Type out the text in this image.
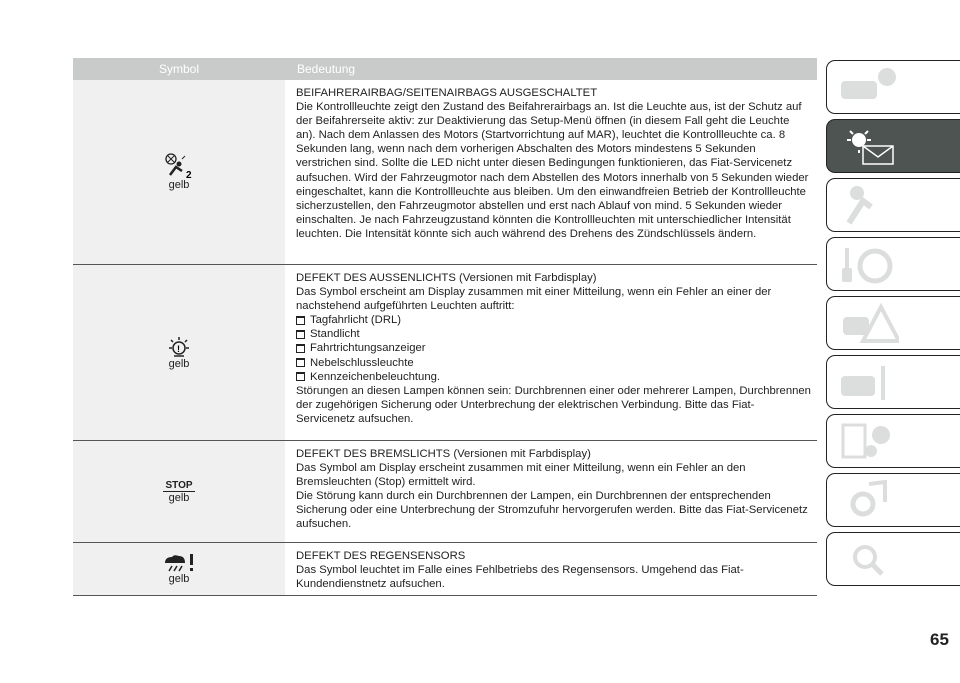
Symbol	Bedeutung
2
gelb
BEIFAHRERAIRBAG/SEITENAIRBAGS AUSGESCHALTET
Die Kontrollleuchte zeigt den Zustand des Beifahrerairbags an. Ist die Leuchte aus, ist der Schutz auf der Beifahrerseite aktiv: zur Deaktivierung das Setup-Menü öffnen (in diesem Fall geht die Leuchte an). Nach dem Anlassen des Motors (Startvorrichtung auf MAR), leuchtet die Kontrollleuchte ca. 8 Sekunden lang, wenn nach dem vorherigen Abschalten des Motors mindestens 5 Sekunden verstrichen sind. Sollte die LED nicht unter diesen Bedingungen funktionieren, das Fiat-Servicenetz aufsuchen. Wird der Fahrzeugmotor nach dem Abstellen des Motors innerhalb von 5 Sekunden wieder eingeschaltet, kann die Kontrollleuchte aus bleiben. Um den einwandfreien Betrieb der Kontrollleuchte sicherzustellen, den Fahrzeugmotor abstellen und erst nach Ablauf von mind. 5 Sekunden wieder einschalten. Je nach Fahrzeugzustand könnten die Kontrollleuchten mit unterschiedlicher Intensität leuchten. Die Intensität könnte sich auch während des Drehens des Zündschlüssels ändern.
!
gelb
DEFEKT DES AUSSENLICHTS (Versionen mit Farbdisplay)
Das Symbol erscheint am Display zusammen mit einer Mitteilung, wenn ein Fehler an einer der nachstehend aufgeführten Leuchten auftritt:
Tagfahrlicht (DRL)
Standlicht
Fahrtrichtungsanzeiger
Nebelschlussleuchte
Kennzeichenbeleuchtung.
Störungen an diesen Lampen können sein: Durchbrennen einer oder mehrerer Lampen, Durchbrennen der zugehörigen Sicherung oder Unterbrechung der elektrischen Verbindung. Bitte das Fiat-Servicenetz aufsuchen.
STOP
gelb
DEFEKT DES BREMSLICHTS (Versionen mit Farbdisplay)
Das Symbol am Display erscheint zusammen mit einer Mitteilung, wenn ein Fehler an den Bremsleuchten (Stop) ermittelt wird.
Die Störung kann durch ein Durchbrennen der Lampen, ein Durchbrennen der entsprechenden Sicherung oder eine Unterbrechung der Stromzufuhr hervorgerufen werden. Bitte das Fiat-Servicenetz aufsuchen.
gelb
DEFEKT DES REGENSENSORS
Das Symbol leuchtet im Falle eines Fehlbetriebs des Regensensors. Umgehend das Fiat-Kundendienstnetz aufsuchen.
65
